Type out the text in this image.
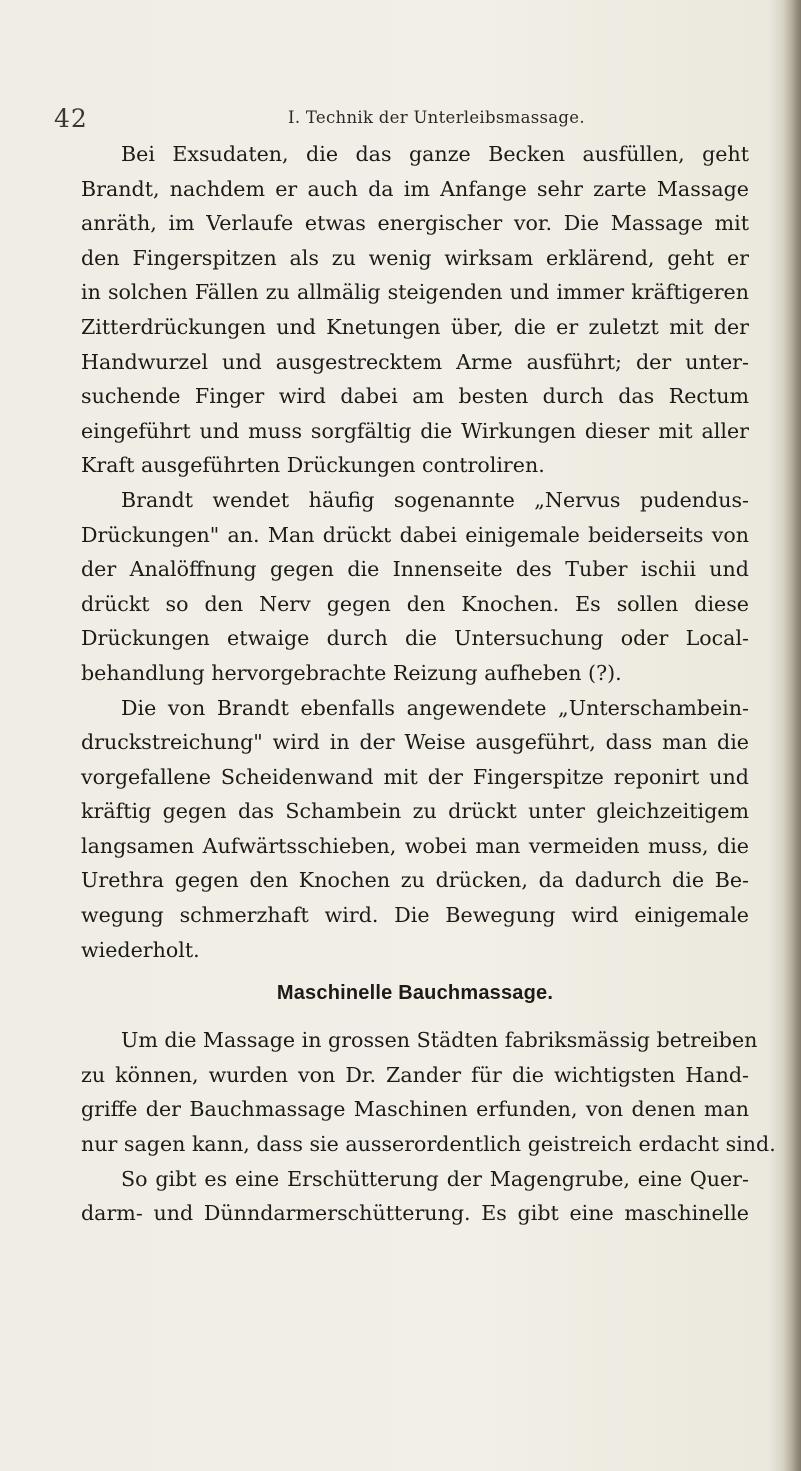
42	I. Technik der Unterleibsmassage.
Bei Exsudaten, die das ganze Becken ausfüllen, geht
Brandt, nachdem er auch da im Anfange sehr zarte Massage
anräth, im Verlaufe etwas energischer vor. Die Massage mit
den Fingerspitzen als zu wenig wirksam erklärend, geht er
in solchen Fällen zu allmälig steigenden und immer kräftigeren
Zitterdrückungen und Knetungen über, die er zuletzt mit der
Handwurzel und ausgestrecktem Arme ausführt; der unter-
suchende Finger wird dabei am besten durch das Rectum
eingeführt und muss sorgfältig die Wirkungen dieser mit aller
Kraft ausgeführten Drückungen controliren.
Brandt wendet häufig sogenannte „Nervus pudendus-
Drückungen" an. Man drückt dabei einigemale beiderseits von
der Analöffnung gegen die Innenseite des Tuber ischii und
drückt so den Nerv gegen den Knochen. Es sollen diese
Drückungen etwaige durch die Untersuchung oder Local-
behandlung hervorgebrachte Reizung aufheben (?).
Die von Brandt ebenfalls angewendete „Unterschambein-
druckstreichung" wird in der Weise ausgeführt, dass man die
vorgefallene Scheidenwand mit der Fingerspitze reponirt und
kräftig gegen das Schambein zu drückt unter gleichzeitigem
langsamen Aufwärtsschieben, wobei man vermeiden muss, die
Urethra gegen den Knochen zu drücken, da dadurch die Be-
wegung schmerzhaft wird. Die Bewegung wird einigemale
wiederholt.
Maschinelle Bauchmassage.
Um die Massage in grossen Städten fabriksmässig betreiben
zu können, wurden von Dr. Zander für die wichtigsten Hand-
griffe der Bauchmassage Maschinen erfunden, von denen man
nur sagen kann, dass sie ausserordentlich geistreich erdacht sind.
So gibt es eine Erschütterung der Magengrube, eine Quer-
darm- und Dünndarmerschütterung. Es gibt eine maschinelle
